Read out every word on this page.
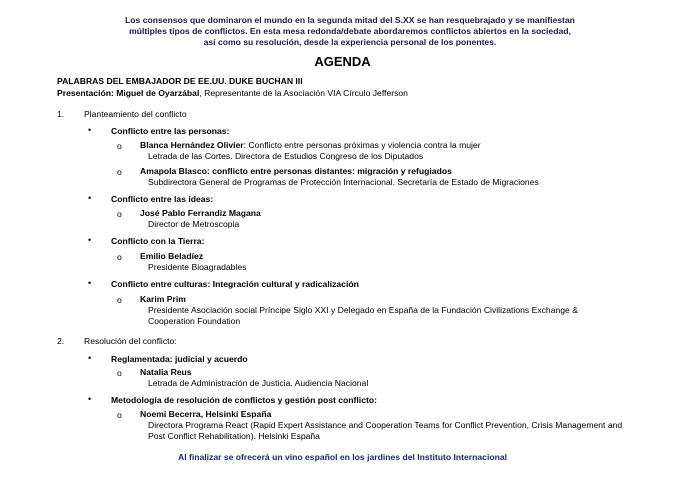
Los consensos que dominaron el mundo en la segunda mitad del S.XX se han resquebrajado y se manifiestan
múltiples tipos de conflictos. En esta mesa redonda/debate abordaremos conflictos abiertos en la sociedad,
así como su resolución, desde la experiencia personal de los ponentes.
AGENDA
PALABRAS DEL EMBAJADOR DE EE.UU. DUKE BUCHAN III
Presentación: Miguel de Oyarzábal, Representante de la Asociación VIA Círculo Jefferson
1. Planteamiento del conflicto
• Conflicto entre las personas:
o Blanca Hernández Olivier: Conflicto entre personas próximas y violencia contra la mujer
Letrada de las Cortes. Directora de Estudios Congreso de los Diputados
o Amapola Blasco: conflicto entre personas distantes: migración y refugiados
Subdirectora General de Programas de Protección Internacional. Secretaría de Estado de Migraciones
• Conflicto entre las ideas:
o José Pablo Ferrandiz Magana
Director de Metroscopia
• Conflicto con la Tierra:
o Emilio Beladíez
Presidente Bioagradables
• Conflicto entre culturas: Integración cultural y radicalización
o Karim Prim
Presidente Asociación social Príncipe Siglo XXI y Delegado en España de la Fundación Civilizations Exchange &
Cooperation Foundation
2. Resolución del conflicto:
• Reglamentada: judicial y acuerdo
o Natalia Reus
Letrada de Administración de Justicia. Audiencia Nacional
• Metodología de resolución de conflictos y gestión post conflicto:
o Noemi Becerra, Helsinki España
Directora Programa React (Rapid Expert Assistance and Cooperation Teams for Conflict Prevention, Crisis Management and
Post Conflict Rehabilitation). Helsinki España
Al finalizar se ofrecerá un vino español en los jardines del Instituto Internacional
